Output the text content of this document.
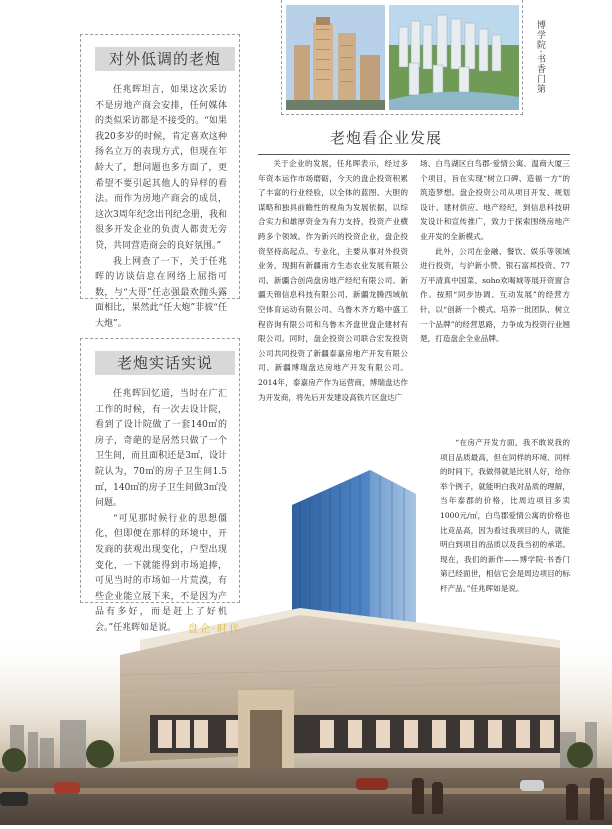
博学院·书香门第
对外低调的老炮

任兆晖坦言，如果这次采访不是房地产商会安排，任何媒体的类似采访都是不接受的。“如果我20多岁的时候，肯定喜欢这种扬名立万的表现方式，但现在年龄大了，想问题也多方面了，更希望不要引起其他人的异样的看法。而作为房地产商会的成员，这次3周年纪念出刊纪念册，我和很多开发企业的负责人都责无旁贷，共同营造商会的良好氛围。”

我上网查了一下，关于任兆晖的访谈信息在网络上屈指可数，与“大哥”任志强最欢抛头露面相比，果然此“任大炮”非彼“任大炮”。

老炮实话实说

任兆晖回忆道，当时在广汇工作的时候，有一次去设计院，看到了设计院做了一套140㎡的房子，奇葩的是居然只做了一个卫生间，而且面积还是3㎡，设计院认为，70㎡的房子卫生间1.5㎡，140㎡的房子卫生间做3㎡没问题。

“可见那时候行业的思想僵化，但即便在那样的环境中，开发商的获观出现变化，户型出现变化，一下就能得到市场追捧，可见当时的市场如一片荒漠，有些企业能立展下来，不是因为产品有多好，而是赶上了好机会。”任兆晖如是说。

老炮看企业发展

关于企业的发展，任兆晖表示，经过多年资本运作市场磨砺，今天的盘企投资积累了丰富的行业经验，以全体的蓝图、大胆的谋略和独具前瞻性的视角为发展依据，以综合实力和雄厚资金为有力支持，投资产业横跨多个领域。作为新兴的投资企业，盘企投资坚持高起点、专业化，主要从事对外投资业务，现拥有新疆南方生态农业发展有限公司、新疆合创尚盘房地产经纪有限公司、新疆天锦信息科技有限公司、新疆龙腾西域航空体育运动有限公司、乌鲁木齐方略中盛工程咨询有限公司和乌鲁木齐盘世盘企建材有限公司。同时，盘企投资公司联合宏发投资公司共同投资了新疆泰嘉房地产开发有限公司、新疆博瑞盘达房地产开发有限公司。2014年，泰嘉房产作为运营商，博瑞盘达作为开发商，将先后开发建设高铁片区盘达广

场、白鸟湖区白鸟郡·爱情公寓、温商大厦三个项目，旨在实现“树立口碑、造福一方”的筑造梦想。盘企投资公司从项目开发、规划设计、建材供应、地产经纪，到信息科技研发设计和宣传推广，致力于探索围绕房地产业开发的全新模式。

此外，公司在金融、餐饮、娱乐等领域进行投资，与沪新小赞、银石富邦投资、77万平清真中国菜、soho欢喝城等展开资窗合作。按照“同步协调、互动发展”的经营方针，以“创新一个模式、培养一批团队、树立一个品牌”的经营思路，力争成为投资行业翘楚，打造盘企全业品牌。

“在房产开发方面，我不敢说我的项目品质最高，但在同样的环境、同样

盘企·时代
